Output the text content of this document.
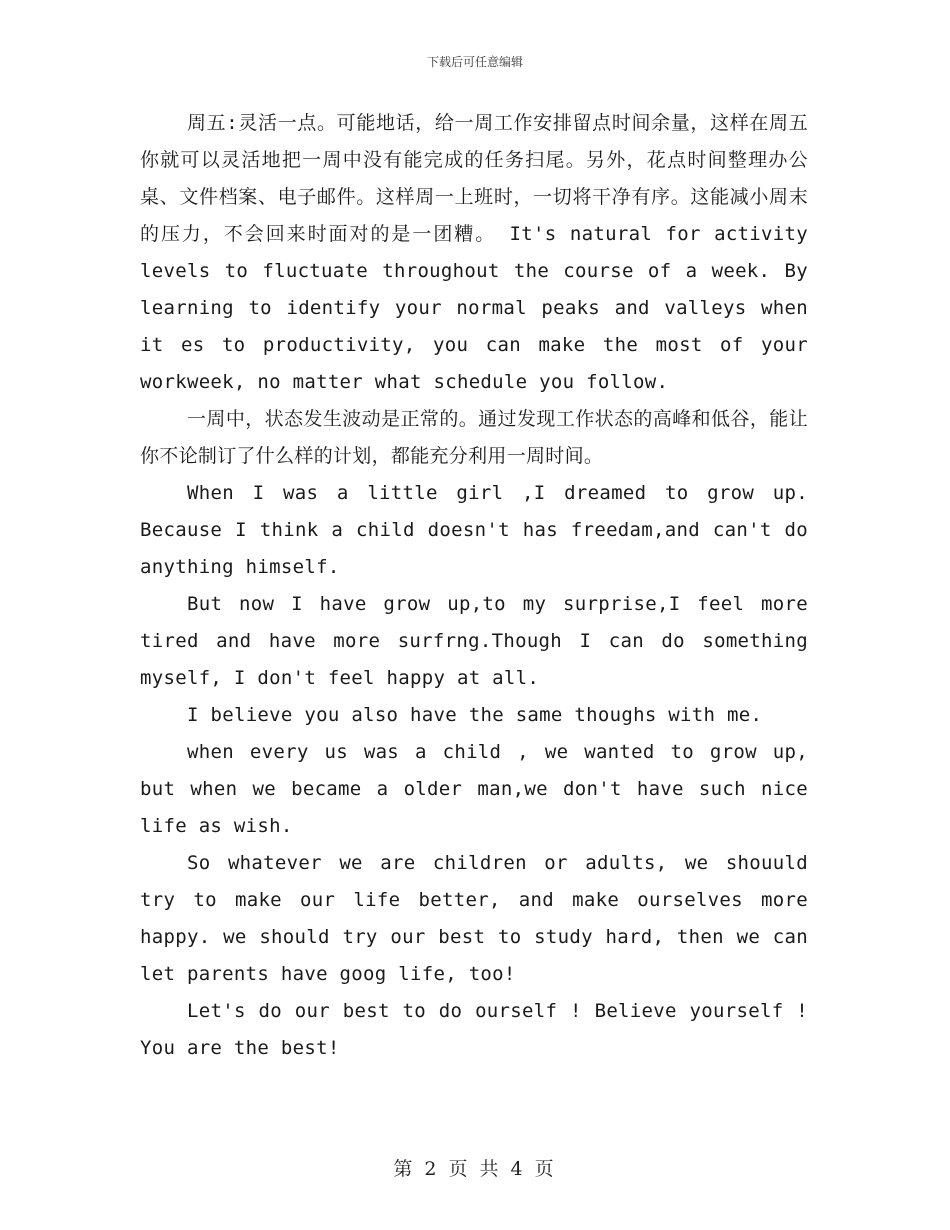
下载后可任意编辑

周五:灵活一点。可能地话，给一周工作安排留点时间余量，这样在周五你就可以灵活地把一周中没有能完成的任务扫尾。另外，花点时间整理办公桌、文件档案、电子邮件。这样周一上班时，一切将干净有序。这能减小周末的压力，不会回来时面对的是一团糟。 It's natural for activity levels to fluctuate throughout the course of a week. By learning to identify your normal peaks and valleys when it es to productivity, you can make the most of your workweek, no matter what schedule you follow.

一周中，状态发生波动是正常的。通过发现工作状态的高峰和低谷，能让你不论制订了什么样的计划，都能充分利用一周时间。

When I was a little girl ,I dreamed to grow up. Because I think a child doesn't has freedam,and can't do anything himself.

But now I have grow up,to my surprise,I feel more tired and have more surfrng.Though I can do something myself, I don't feel happy at all.

I believe you also have the same thoughs with me.

when every us was a child , we wanted to grow up, but when we became a older man,we don't have such nice life as wish.

So whatever we are children or adults, we shouuld try to make our life better, and make ourselves more happy. we should try our best to study hard, then we can let parents have goog life, too!

Let's do our best to do ourself ! Believe yourself ! You are the best!

第 2 页 共 4 页
